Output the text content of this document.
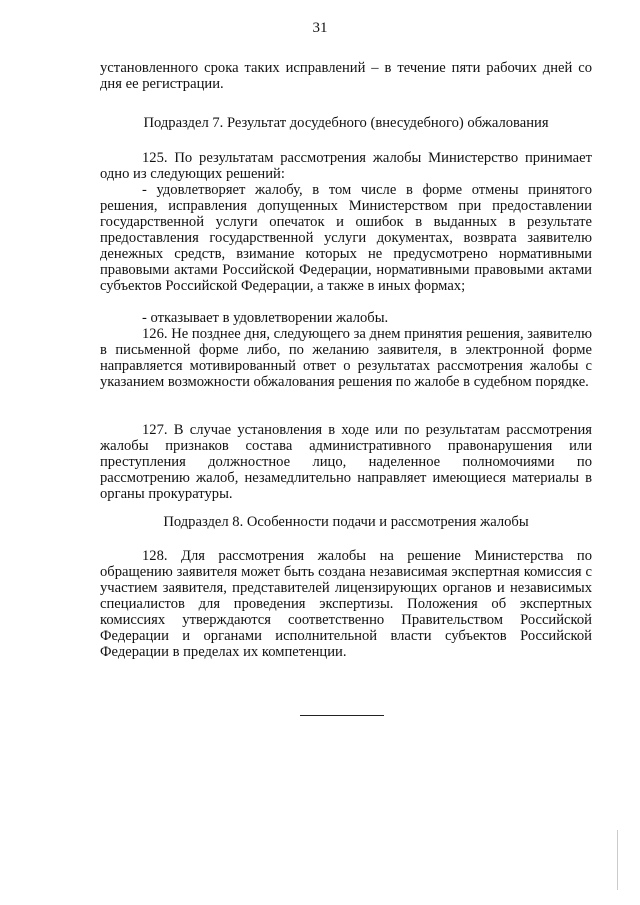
31

установленного срока таких исправлений – в течение пяти рабочих дней со дня ее регистрации.

Подраздел 7. Результат досудебного (внесудебного) обжалования

125. По результатам рассмотрения жалобы Министерство принимает одно из следующих решений:

- удовлетворяет жалобу, в том числе в форме отмены принятого решения, исправления допущенных Министерством при предоставлении государственной услуги опечаток и ошибок в выданных в результате предоставления государственной услуги документах, возврата заявителю денежных средств, взимание которых не предусмотрено нормативными правовыми актами Российской Федерации, нормативными правовыми актами субъектов Российской Федерации, а также в иных формах;

- отказывает в удовлетворении жалобы.

126. Не позднее дня, следующего за днем принятия решения, заявителю в письменной форме либо, по желанию заявителя, в электронной форме направляется мотивированный ответ о результатах рассмотрения жалобы с указанием возможности обжалования решения по жалобе в судебном порядке.

127. В случае установления в ходе или по результатам рассмотрения жалобы признаков состава административного правонарушения или преступления должностное лицо, наделенное полномочиями по рассмотрению жалоб, незамедлительно направляет имеющиеся материалы в органы прокуратуры.

Подраздел 8. Особенности подачи и рассмотрения жалобы

128. Для рассмотрения жалобы на решение Министерства по обращению заявителя может быть создана независимая экспертная комиссия с участием заявителя, представителей лицензирующих органов и независимых специалистов для проведения экспертизы. Положения об экспертных комиссиях утверждаются соответственно Правительством Российской Федерации и органами исполнительной власти субъектов Российской Федерации в пределах их компетенции.
